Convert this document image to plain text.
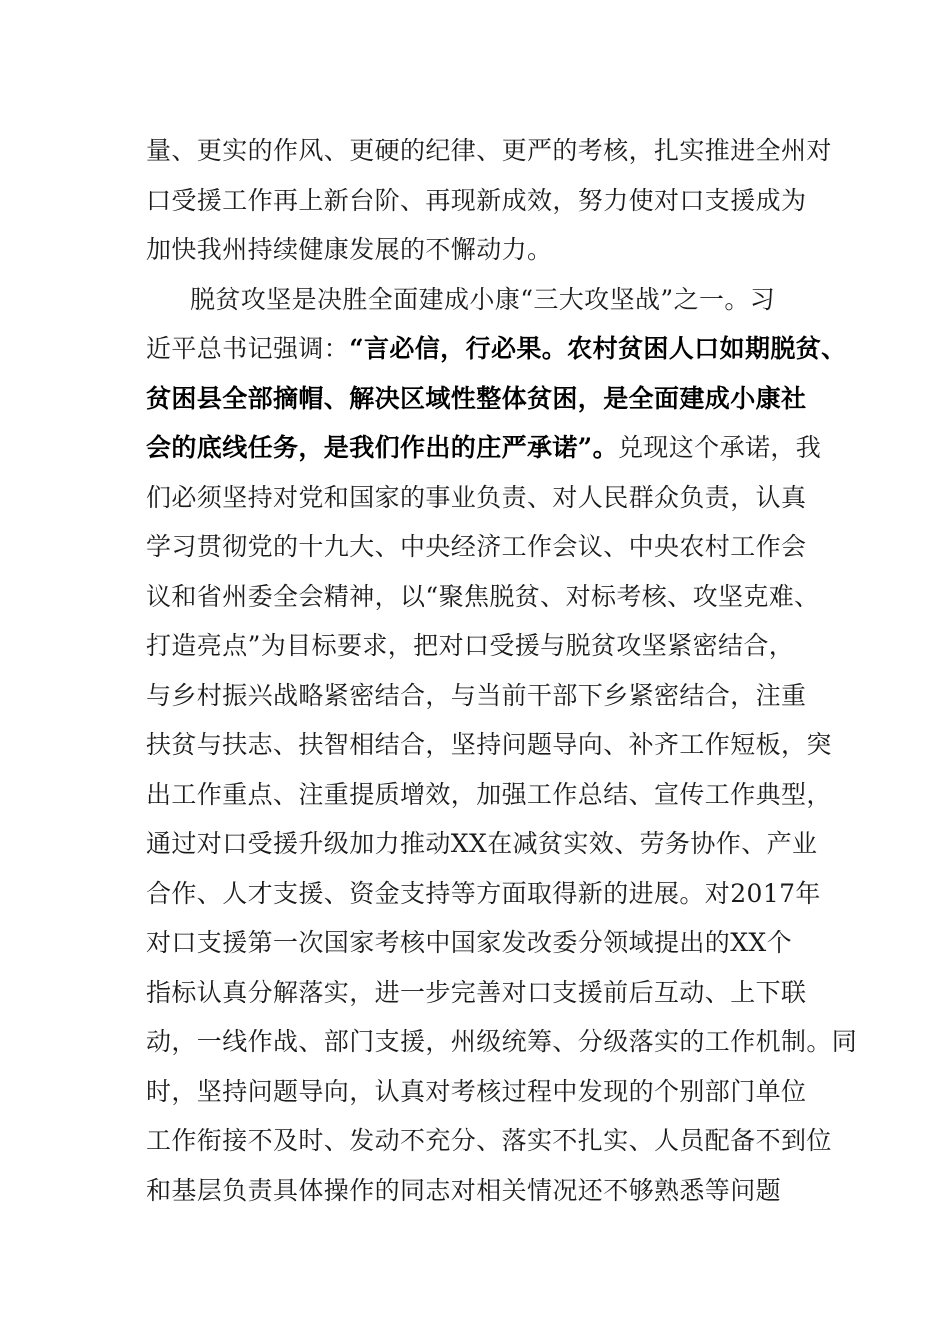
量、更实的作风、更硬的纪律、更严的考核，扎实推进全州对
口受援工作再上新台阶、再现新成效，努力使对口支援成为
加快我州持续健康发展的不懈动力。
脱贫攻坚是决胜全面建成小康“三大攻坚战”之一。习
近平总书记强调：“言必信，行必果。农村贫困人口如期脱贫、
贫困县全部摘帽、解决区域性整体贫困，是全面建成小康社
会的底线任务，是我们作出的庄严承诺”。兑现这个承诺，我
们必须坚持对党和国家的事业负责、对人民群众负责，认真
学习贯彻党的十九大、中央经济工作会议、中央农村工作会
议和省州委全会精神，以“聚焦脱贫、对标考核、攻坚克难、
打造亮点”为目标要求，把对口受援与脱贫攻坚紧密结合，
与乡村振兴战略紧密结合，与当前干部下乡紧密结合，注重
扶贫与扶志、扶智相结合，坚持问题导向、补齐工作短板，突
出工作重点、注重提质增效，加强工作总结、宣传工作典型，
通过对口受援升级加力推动XX在减贫实效、劳务协作、产业
合作、人才支援、资金支持等方面取得新的进展。对2017年
对口支援第一次国家考核中国家发改委分领域提出的XX个
指标认真分解落实，进一步完善对口支援前后互动、上下联
动，一线作战、部门支援，州级统筹、分级落实的工作机制。同
时，坚持问题导向，认真对考核过程中发现的个别部门单位
工作衔接不及时、发动不充分、落实不扎实、人员配备不到位
和基层负责具体操作的同志对相关情况还不够熟悉等问题
